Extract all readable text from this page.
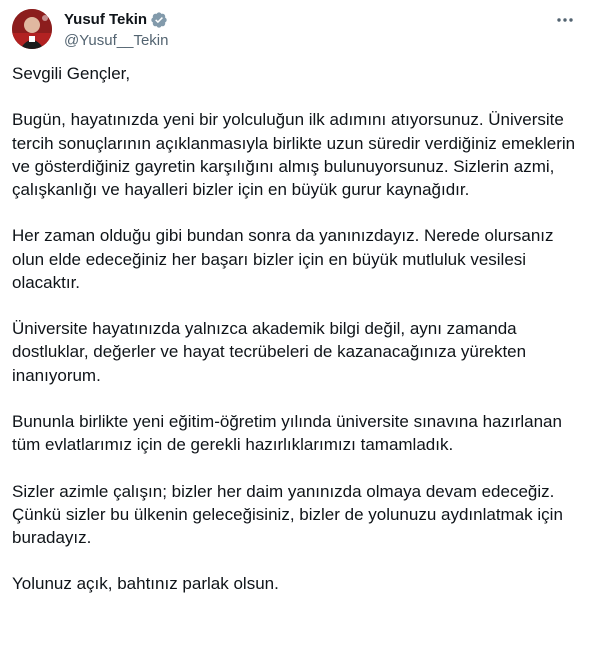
Yusuf Tekin
@Yusuf__Tekin
Sevgili Gençler,

Bugün, hayatınızda yeni bir yolculuğun ilk adımını atıyorsunuz. Üniversite tercih sonuçlarının açıklanmasıyla birlikte uzun süredir verdiğiniz emeklerin ve gösterdiğiniz gayretin karşılığını almış bulunuyorsunuz. Sizlerin azmi, çalışkanlığı ve hayalleri bizler için en büyük gurur kaynağıdır.

Her zaman olduğu gibi bundan sonra da yanınızdayız. Nerede olursanız olun elde edeceğiniz her başarı bizler için en büyük mutluluk vesilesi olacaktır.

Üniversite hayatınızda yalnızca akademik bilgi değil, aynı zamanda dostluklar, değerler ve hayat tecrübeleri de kazanacağınıza yürekten inanıyorum.

Bununla birlikte yeni eğitim-öğretim yılında üniversite sınavına hazırlanan tüm evlatlarımız için de gerekli hazırlıklarımızı tamamladık.

Sizler azimle çalışın; bizler her daim yanınızda olmaya devam edeceğiz. Çünkü sizler bu ülkenin geleceğisiniz, bizler de yolunuzu aydınlatmak için buradayız.

Yolunuz açık, bahtınız parlak olsun.
